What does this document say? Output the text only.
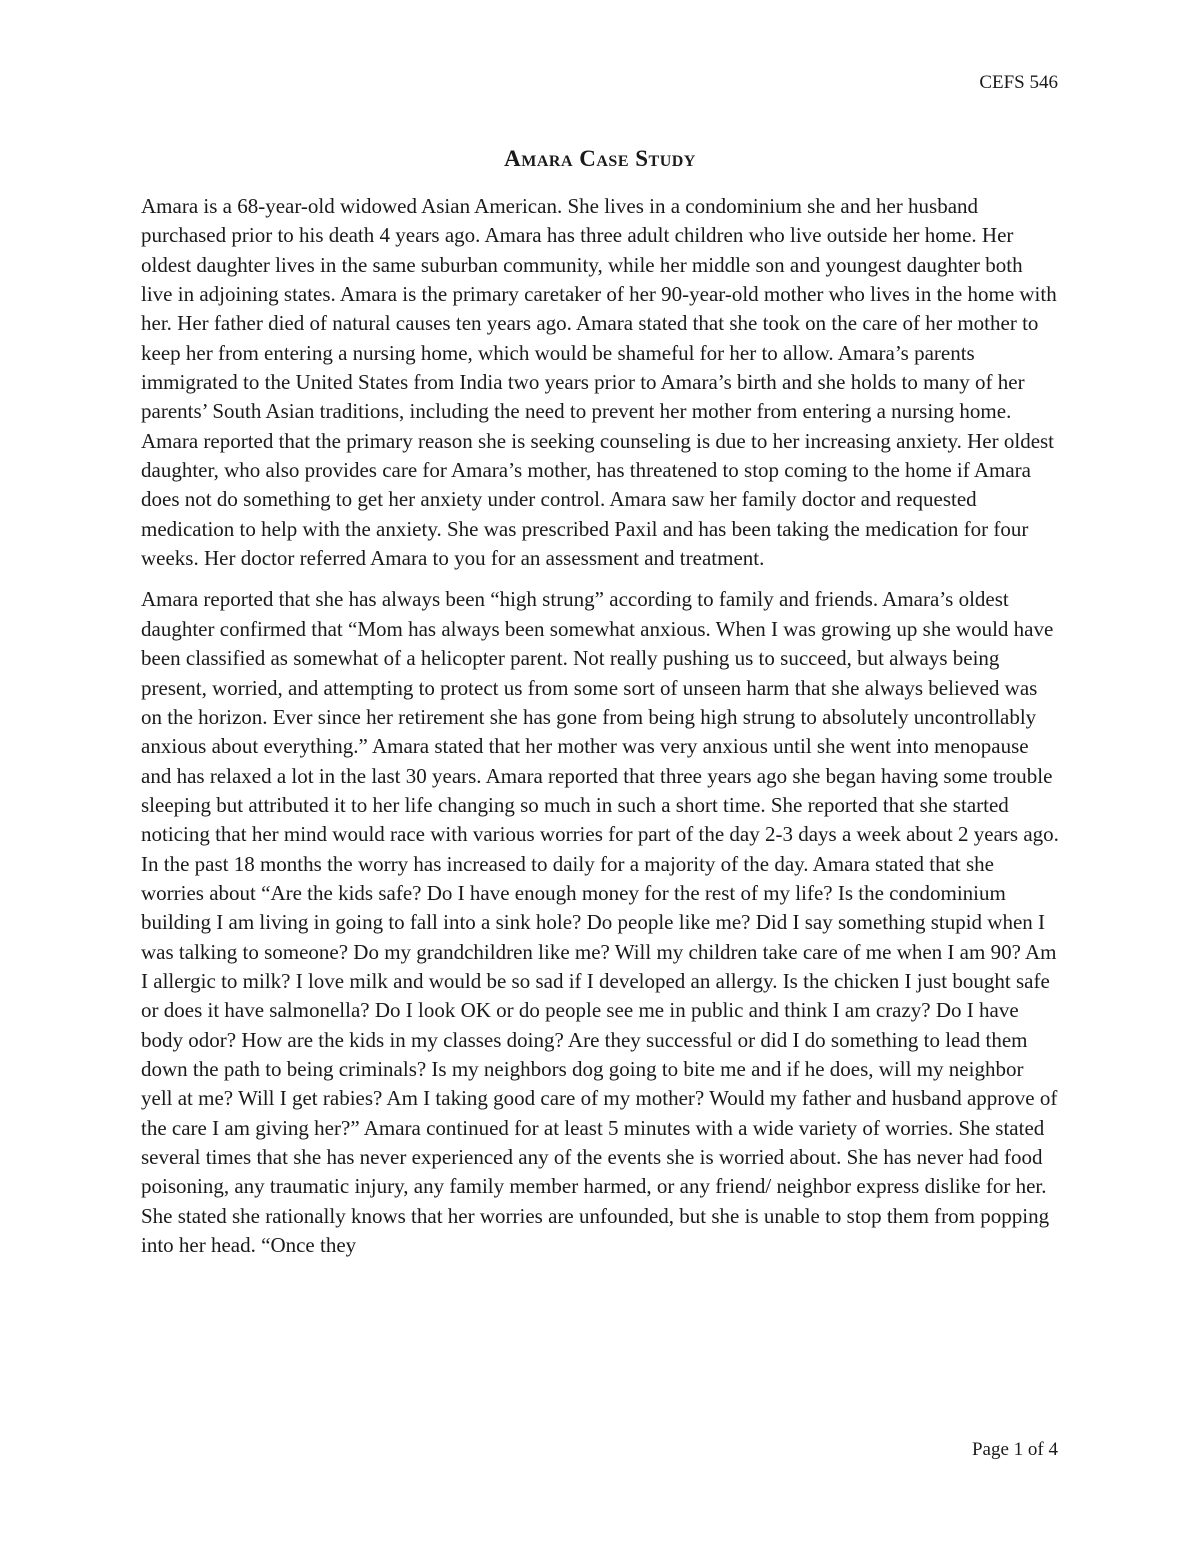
CEFS 546
Amara Case Study

Amara is a 68-year-old widowed Asian American. She lives in a condominium she and her husband purchased prior to his death 4 years ago. Amara has three adult children who live outside her home. Her oldest daughter lives in the same suburban community, while her middle son and youngest daughter both live in adjoining states. Amara is the primary caretaker of her 90-year-old mother who lives in the home with her. Her father died of natural causes ten years ago. Amara stated that she took on the care of her mother to keep her from entering a nursing home, which would be shameful for her to allow. Amara’s parents immigrated to the United States from India two years prior to Amara’s birth and she holds to many of her parents’ South Asian traditions, including the need to prevent her mother from entering a nursing home. Amara reported that the primary reason she is seeking counseling is due to her increasing anxiety. Her oldest daughter, who also provides care for Amara’s mother, has threatened to stop coming to the home if Amara does not do something to get her anxiety under control. Amara saw her family doctor and requested medication to help with the anxiety. She was prescribed Paxil and has been taking the medication for four weeks. Her doctor referred Amara to you for an assessment and treatment.

Amara reported that she has always been “high strung” according to family and friends. Amara’s oldest daughter confirmed that “Mom has always been somewhat anxious. When I was growing up she would have been classified as somewhat of a helicopter parent. Not really pushing us to succeed, but always being present, worried, and attempting to protect us from some sort of unseen harm that she always believed was on the horizon. Ever since her retirement she has gone from being high strung to absolutely uncontrollably anxious about everything.” Amara stated that her mother was very anxious until she went into menopause and has relaxed a lot in the last 30 years. Amara reported that three years ago she began having some trouble sleeping but attributed it to her life changing so much in such a short time. She reported that she started noticing that her mind would race with various worries for part of the day 2-3 days a week about 2 years ago. In the past 18 months the worry has increased to daily for a majority of the day. Amara stated that she worries about “Are the kids safe? Do I have enough money for the rest of my life? Is the condominium building I am living in going to fall into a sink hole? Do people like me? Did I say something stupid when I was talking to someone? Do my grandchildren like me? Will my children take care of me when I am 90? Am I allergic to milk? I love milk and would be so sad if I developed an allergy. Is the chicken I just bought safe or does it have salmonella? Do I look OK or do people see me in public and think I am crazy? Do I have body odor? How are the kids in my classes doing? Are they successful or did I do something to lead them down the path to being criminals? Is my neighbors dog going to bite me and if he does, will my neighbor yell at me? Will I get rabies? Am I taking good care of my mother? Would my father and husband approve of the care I am giving her?” Amara continued for at least 5 minutes with a wide variety of worries. She stated several times that she has never experienced any of the events she is worried about. She has never had food poisoning, any traumatic injury, any family member harmed, or any friend/ neighbor express dislike for her. She stated she rationally knows that her worries are unfounded, but she is unable to stop them from popping into her head. “Once they

Page 1 of 4
